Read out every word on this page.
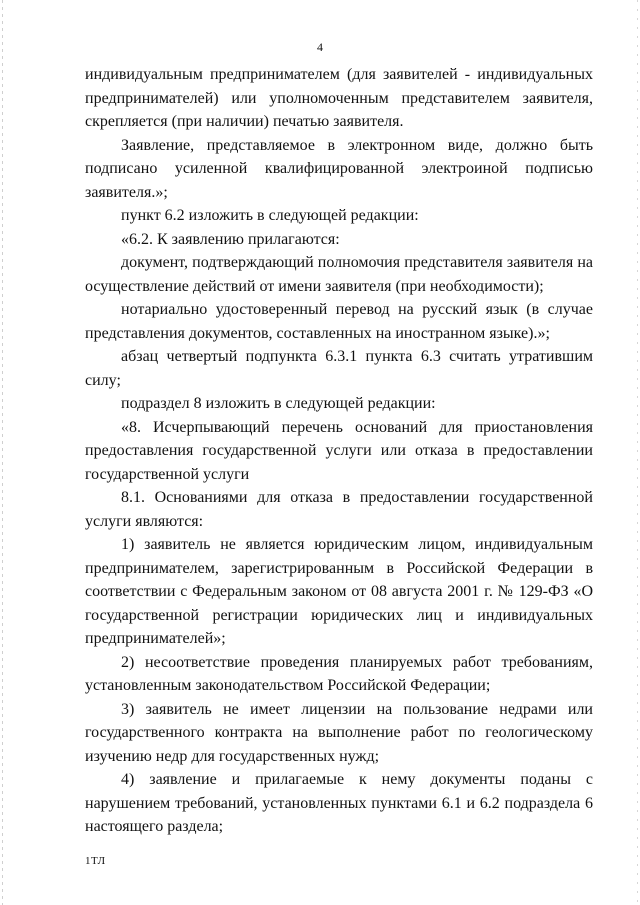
4

индивидуальным предпринимателем (для заявителей - индивидуальных предпринимателей) или уполномоченным представителем заявителя, скрепляется (при наличии) печатью заявителя.

Заявление, представляемое в электронном виде, должно быть подписано усиленной квалифицированной электроиной подписью заявителя.»;

пункт 6.2 изложить в следующей редакции:

«6.2. К заявлению прилагаются:

документ, подтверждающий полномочия представителя заявителя на осуществление действий от имени заявителя (при необходимости);

нотариально удостоверенный перевод на русский язык (в случае представления документов, составленных на иностранном языке).»;

абзац четвертый подпункта 6.3.1 пункта 6.3 считать утратившим силу;

подраздел 8 изложить в следующей редакции:

«8. Исчерпывающий перечень оснований для приостановления предоставления государственной услуги или отказа в предоставлении государственной услуги

8.1. Основаниями для отказа в предоставлении государственной услуги являются:

1) заявитель не является юридическим лицом, индивидуальным предпринимателем, зарегистрированным в Российской Федерации в соответствии с Федеральным законом от 08 августа 2001 г. № 129-ФЗ «О государственной регистрации юридических лиц и индивидуальных предпринимателей»;

2) несоответствие проведения планируемых работ требованиям, установленным законодательством Российской Федерации;

3) заявитель не имеет лицензии на пользование недрами или государственного контракта на выполнение работ по геологическому изучению недр для государственных нужд;

4) заявление и прилагаемые к нему документы поданы с нарушением требований, установленных пунктами 6.1 и 6.2 подраздела 6 настоящего раздела;

1ТЛ
